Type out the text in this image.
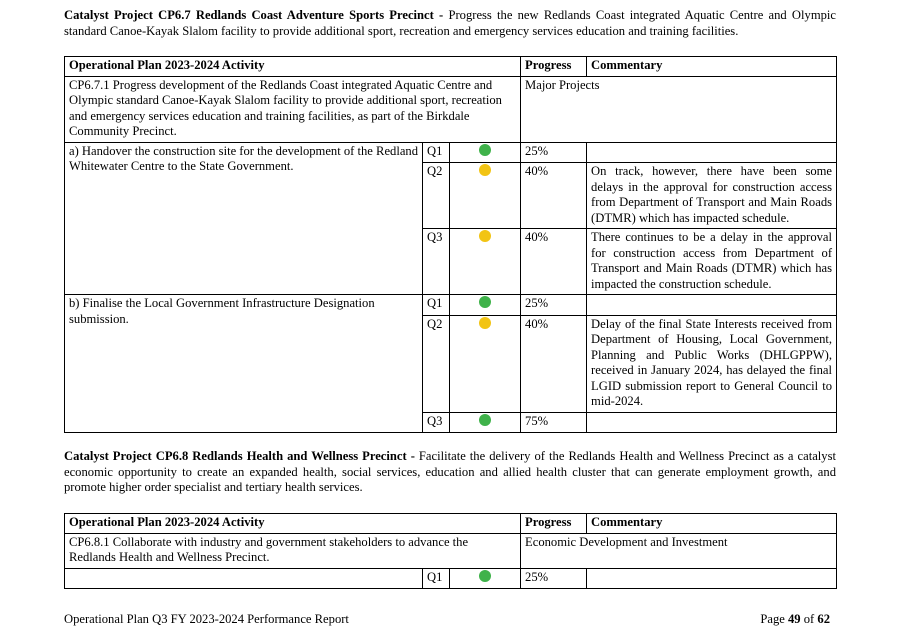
Catalyst Project CP6.7 Redlands Coast Adventure Sports Precinct - Progress the new Redlands Coast integrated Aquatic Centre and Olympic standard Canoe-Kayak Slalom facility to provide additional sport, recreation and emergency services education and training facilities.
Operational Plan 2023-2024 Activity			Progress	Commentary
CP6.7.1 Progress development of the Redlands Coast integrated Aquatic Centre and Olympic standard Canoe-Kayak Slalom facility to provide additional sport, recreation and emergency services education and training facilities, as part of the Birkdale Community Precinct.			Major Projects	
a) Handover the construction site for the development of the Redland Whitewater Centre to the State Government.	Q1		25%	
	Q2		40%	On track, however, there have been some delays in the approval for construction access from Department of Transport and Main Roads (DTMR) which has impacted schedule.
	Q3		40%	There continues to be a delay in the approval for construction access from Department of Transport and Main Roads (DTMR) which has impacted the construction schedule.
b) Finalise the Local Government Infrastructure Designation submission.	Q1		25%	
	Q2		40%	Delay of the final State Interests received from Department of Housing, Local Government, Planning and Public Works (DHLGPPW), received in January 2024, has delayed the final LGID submission report to General Council to mid-2024.
	Q3		75%	
Catalyst Project CP6.8 Redlands Health and Wellness Precinct - Facilitate the delivery of the Redlands Health and Wellness Precinct as a catalyst economic opportunity to create an expanded health, social services, education and allied health cluster that can generate employment growth, and promote higher order specialist and tertiary health services.
Operational Plan 2023-2024 Activity			Progress	Commentary
CP6.8.1 Collaborate with industry and government stakeholders to advance the Redlands Health and Wellness Precinct.			Economic Development and Investment	
	Q1		25%	
Operational Plan Q3 FY 2023-2024 Performance Report	Page 49 of 62
